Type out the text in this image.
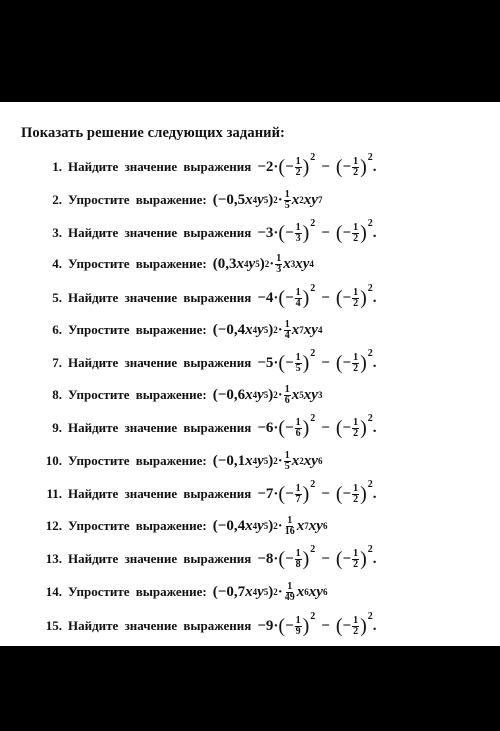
Показать решение следующих заданий:
1. Найдите значение выражения −2 · ( − $\frac{1}{2}$ ) 2
− ( − $\frac{1}{2}$ ) 2
.
2. Упростите выражение: ( −0,5 x 4 y 5 ) $2 \cdot \frac{1}{5}$ x 2 x y 7
3. Найдите значение выражения −3 · ( − $\frac{1}{3}$ ) 2
− ( − $\frac{1}{2}$ ) 2
.
4. Упростите выражение: ( 0,3 x 4 y 5 ) $2 \cdot \frac{1}{3}$ x 3 x y 4
5. Найдите значение выражения −4 · ( − $\frac{1}{4}$ ) 2
− ( − $\frac{1}{2}$ ) 2
.
6. Упростите выражение: ( −0,4 x 4 y 5 ) $2 \cdot \frac{1}{4}$ x 7 x y 4
7. Найдите значение выражения −5 · ( − $\frac{1}{5}$ ) 2
− ( − $\frac{1}{2}$ ) 2
.
8. Упростите выражение: ( −0,6 x 4 y 5 ) $2 \cdot \frac{1}{6}$ x 5 x y 3
9. Найдите значение выражения −6 · ( − $\frac{1}{6}$ ) 2
− ( − $\frac{1}{2}$ ) 2
.
10. Упростите выражение: ( −0,1 x 4 y 5 ) $2 \cdot \frac{1}{5}$ x 2 x y 6
11. Найдите значение выражения −7 · ( − $\frac{1}{7}$ ) 2
− ( − $\frac{1}{2}$ ) 2
.
12. Упростите выражение: ( −0,4 x 4 y 5 ) $2 \cdot \frac{1}{16}$ x 7 x y 6
13. Найдите значение выражения −8 · ( − $\frac{1}{8}$ ) 2
− ( − $\frac{1}{2}$ ) 2
.
14. Упростите выражение: ( −0,7 x 4 y 5 ) $2 \cdot \frac{1}{49}$ x 6 x y 6
15. Найдите значение выражения −9 · ( − $\frac{1}{9}$ ) 2
− ( − $\frac{1}{2}$ ) 2
.
